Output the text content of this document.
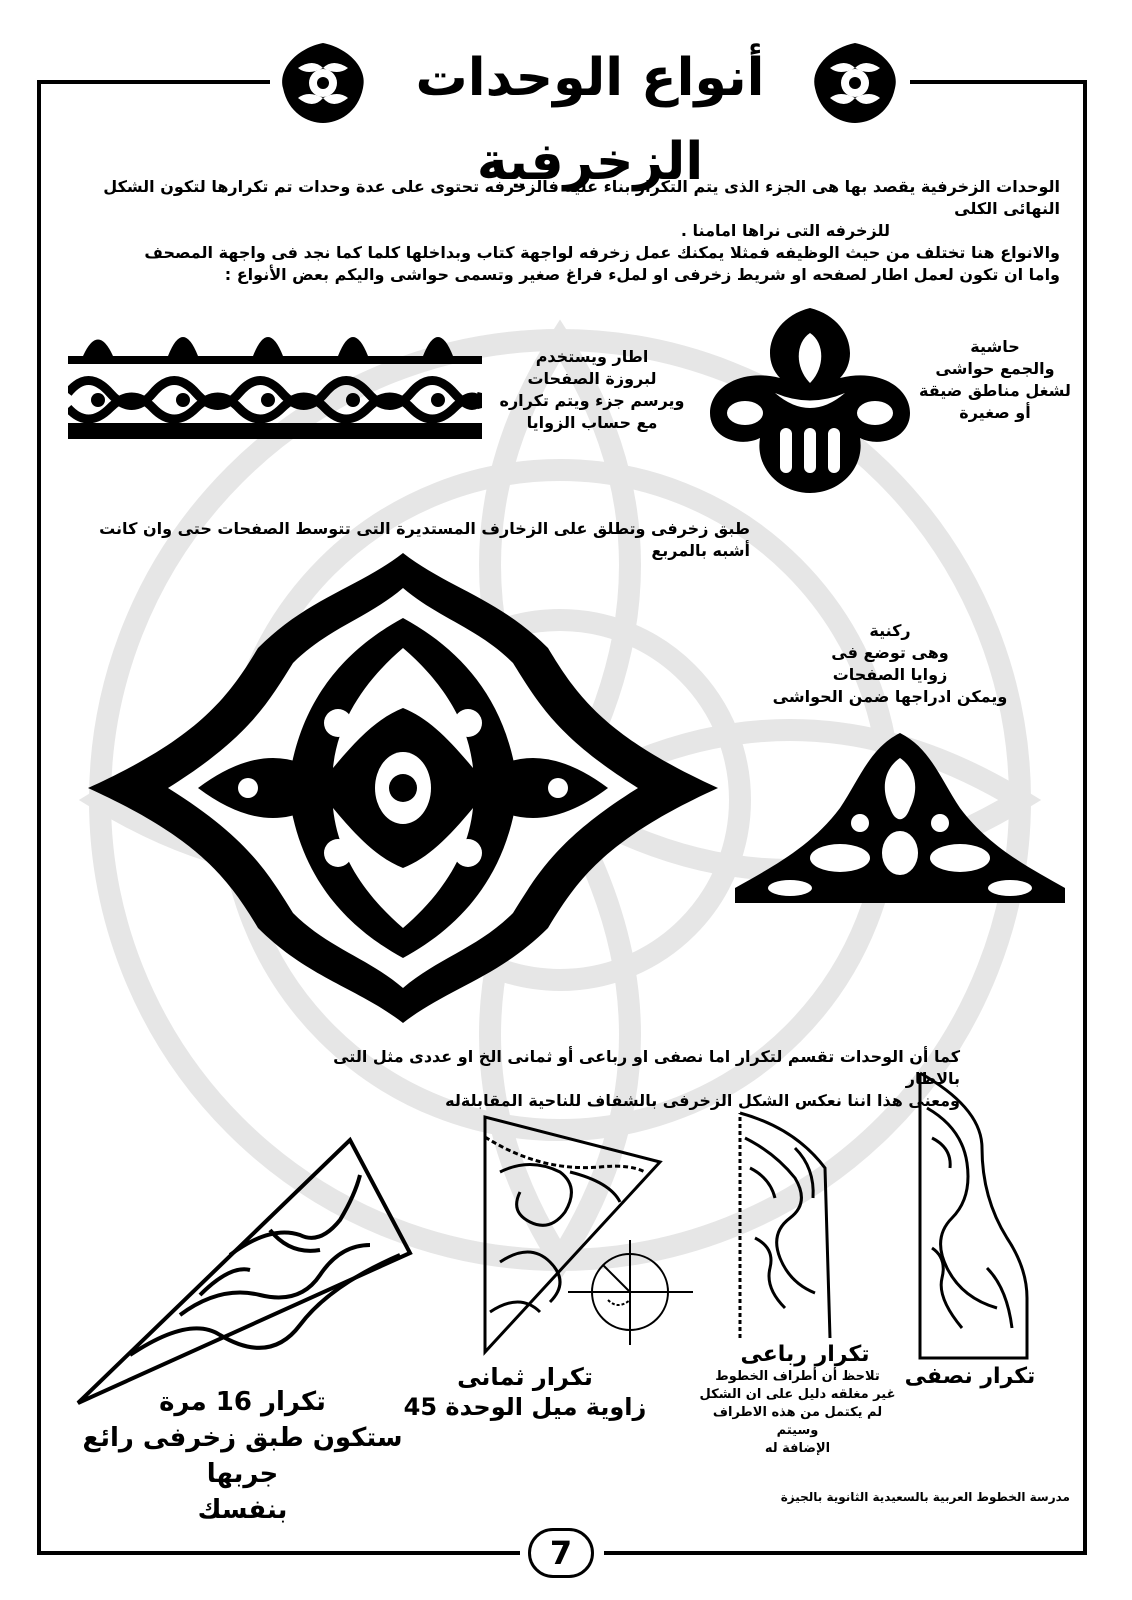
أنواع الوحدات الزخرفية

الوحدات الزخرفية يقصد بها هى الجزء الذى يتم التكرار بناء عليه فالزخرفه تحتوى على عدة وحدات تم تكرارها لتكون الشكل النهائى الكلى

للزخرفه التى نراها امامنا .

والانواع هنا تختلف من حيث الوظيفه فمثلا يمكنك عمل زخرفه لواجهة كتاب وبداخلها كلما كما نجد فى واجهة المصحف

واما ان تكون لعمل اطار لصفحه او شريط زخرفى او لملء فراغ صغير وتسمى حواشى واليكم بعض الأنواع :

اطار ويستخدم

لبروزة الصفحات

ويرسم جزء ويتم تكراره

مع حساب الزوايا

حاشية

والجمع حواشى

لشغل مناطق ضيقة

أو صغيرة

طبق زخرفى وتطلق على الزخارف المستديرة التى تتوسط الصفحات حتى وان كانت أشبه بالمربع

ركنية

وهى توضع فى

زوايا الصفحات

ويمكن ادراجها ضمن الحواشى

كما أن الوحدات تقسم لتكرار اما نصفى او رباعى أو ثمانى الخ او عددى مثل التى بالاطار

ومعنى هذا اننا نعكس الشكل الزخرفى بالشفاف للناحية المقابلةله

تكرار نصفى
تكرار رباعى

تلاحظ أن أطراف الخطوط

غير مغلقه دليل على ان الشكل

لم يكتمل من هذه الاطراف وسيتم

الإضافة له

تكرار ثمانى

زاوية ميل الوحدة 45

تكرار 16 مرة

ستكون طبق زخرفى رائع جربها

بنفسك	مدرسة الخطوط العربية بالسعيدية الثانوية بالجيزة
7
